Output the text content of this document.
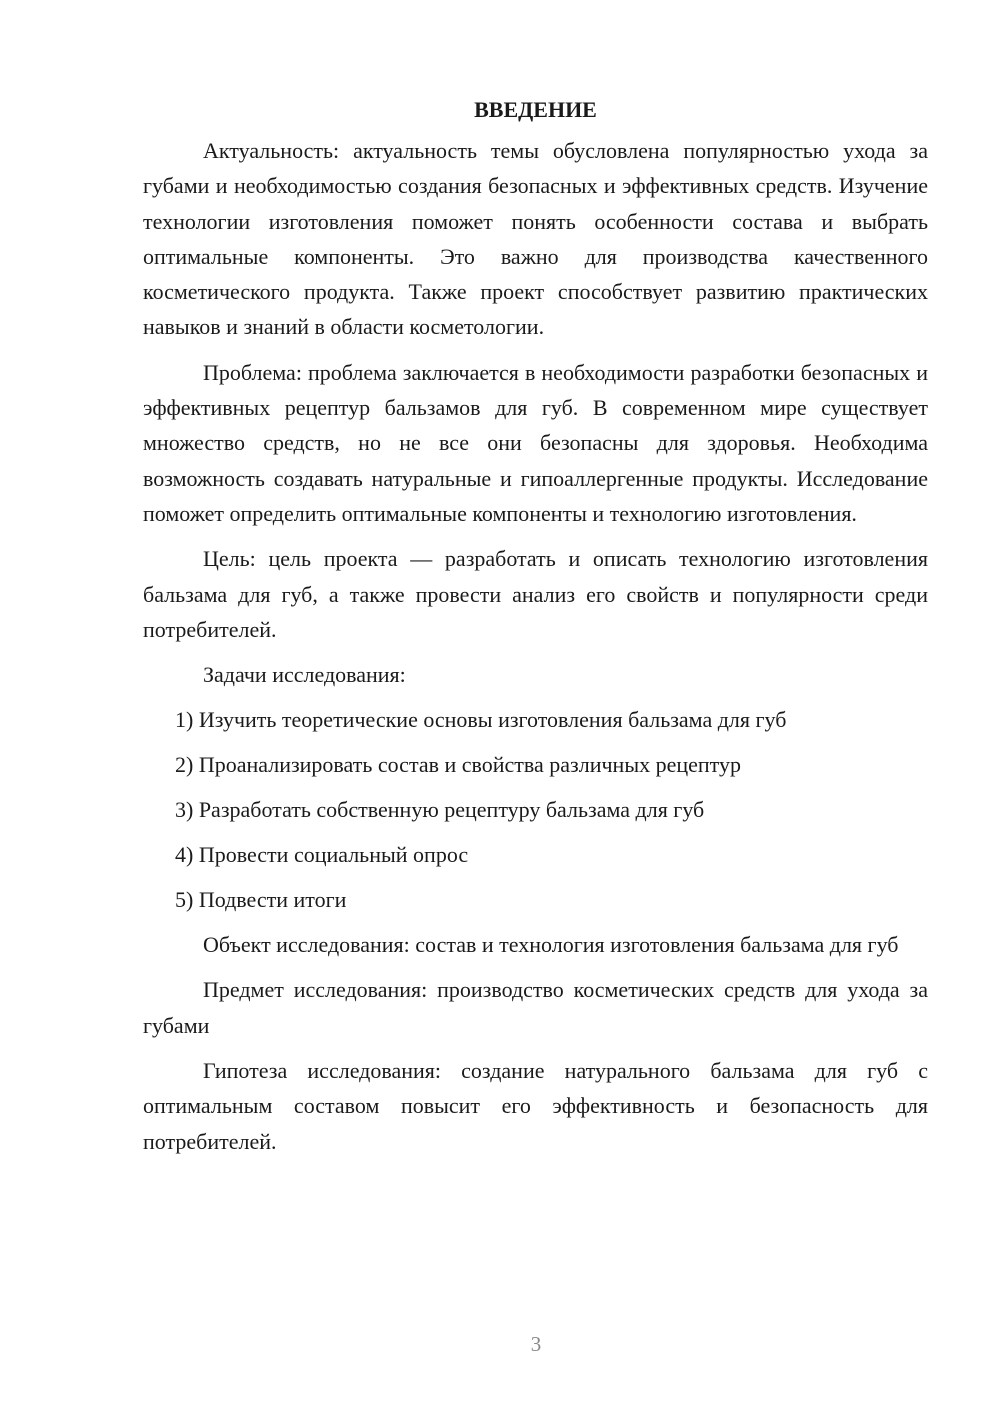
ВВЕДЕНИЕ

Актуальность: актуальность темы обусловлена популярностью ухода за губами и необходимостью создания безопасных и эффективных средств. Изучение технологии изготовления поможет понять особенности состава и выбрать оптимальные компоненты. Это важно для производства качественного косметического продукта. Также проект способствует развитию практических навыков и знаний в области косметологии.

Проблема: проблема заключается в необходимости разработки безопасных и эффективных рецептур бальзамов для губ. В современном мире существует множество средств, но не все они безопасны для здоровья. Необходима возможность создавать натуральные и гипоаллергенные продукты. Исследование поможет определить оптимальные компоненты и технологию изготовления.

Цель: цель проекта — разработать и описать технологию изготовления бальзама для губ, а также провести анализ его свойств и популярности среди потребителей.

Задачи исследования:

1) Изучить теоретические основы изготовления бальзама для губ
2) Проанализировать состав и свойства различных рецептур
3) Разработать собственную рецептуру бальзама для губ
4) Провести социальный опрос
5) Подвести итоги

Объект исследования: состав и технология изготовления бальзама для губ

Предмет исследования: производство косметических средств для ухода за губами

Гипотеза исследования: создание натурального бальзама для губ с оптимальным составом повысит его эффективность и безопасность для потребителей.

3
